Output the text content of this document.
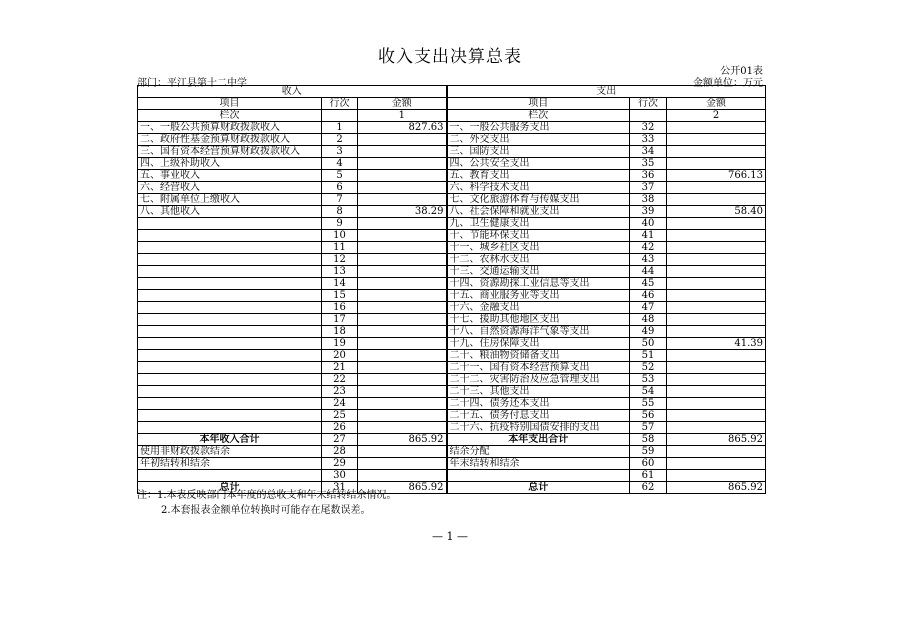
收入支出决算总表
公开01表
部门：平江县第十二中学	金额单位：万元
收入			支出		
项目	行次	金额	项目	行次	金额
栏次		1	栏次		2
一、一般公共预算财政拨款收入	1	827.63	一、一般公共服务支出	32	
二、政府性基金预算财政拨款收入	2		二、外交支出	33	
三、国有资本经营预算财政拨款收入	3		三、国防支出	34	
四、上级补助收入	4		四、公共安全支出	35	
五、事业收入	5		五、教育支出	36	766.13
六、经营收入	6		六、科学技术支出	37	
七、附属单位上缴收入	7		七、文化旅游体育与传媒支出	38	
八、其他收入	8	38.29	八、社会保障和就业支出	39	58.40
	9		九、卫生健康支出	40	
	10		十、节能环保支出	41	
	11		十一、城乡社区支出	42	
	12		十二、农林水支出	43	
	13		十三、交通运输支出	44	
	14		十四、资源勘探工业信息等支出	45	
	15		十五、商业服务业等支出	46	
	16		十六、金融支出	47	
	17		十七、援助其他地区支出	48	
	18		十八、自然资源海洋气象等支出	49	
	19		十九、住房保障支出	50	41.39
	20		二十、粮油物资储备支出	51	
	21		二十一、国有资本经营预算支出	52	
	22		二十二、灾害防治及应急管理支出	53	
	23		二十三、其他支出	54	
	24		二十四、债务还本支出	55	
	25		二十五、债务付息支出	56	
	26		二十六、抗疫特别国债安排的支出	57	
本年收入合计	27	865.92	本年支出合计	58	865.92
使用非财政拨款结余	28		结余分配	59	
年初结转和结余	29		年末结转和结余	60	
	30			61	
总计	31	865.92	总计	62	865.92
注：1.本表反映部门本年度的总收支和年末结转结余情况。
2.本套报表金额单位转换时可能存在尾数误差。
— 1 —
